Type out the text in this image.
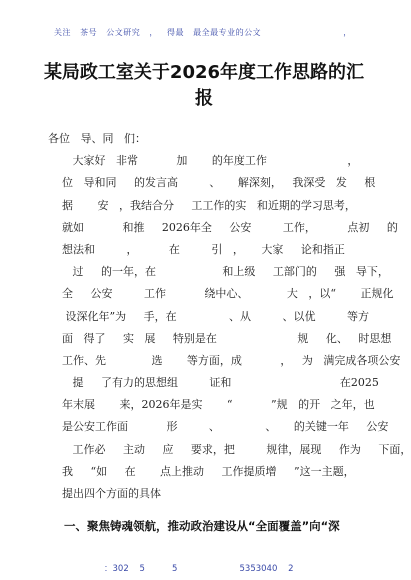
关注   茶号   公文研究   ，   得最   最全最专业的公文                           ，
某局政工室关于2026年度工作思路的汇报
各位   导、同   们：
大家好   非常           加       的年度工作                       ，
位   导和同     的发言高         、     解深刻，   我深受   发     根
据       安   ，我结合分     工工作的实   和近期的学习思考，
就如           和推     2026年全     公安         工作，         点初     的
想法和         ，         在         引   ，     大家     论和指正
过     的一年，在                   和上级     工部门的     强   导下，
全     公安         工作           绕中心、           大   ，以“       正规化
设深化年”为     手，在               、从         、以优         等方
面   得了     实   展     特别是在                       规     化、   时思想
工作、先             选       等方面，成           ，   为   满完成各项公安
提     了有力的思想组         证和                               在2025
年末展       来，2026年是实       “           ”规   的开   之年，也
是公安工作面           形         、             、     的关键一年     公安
工作必     主动     应     要求，把         规律，展现     作为     下面，
我     “如     在       点上推动     工作提质增     ”这一主题，
提出四个方面的具体
一、聚焦铸魂领航，推动政治建设从“全面覆盖”向“深
：302    5          5                       5353040    2
